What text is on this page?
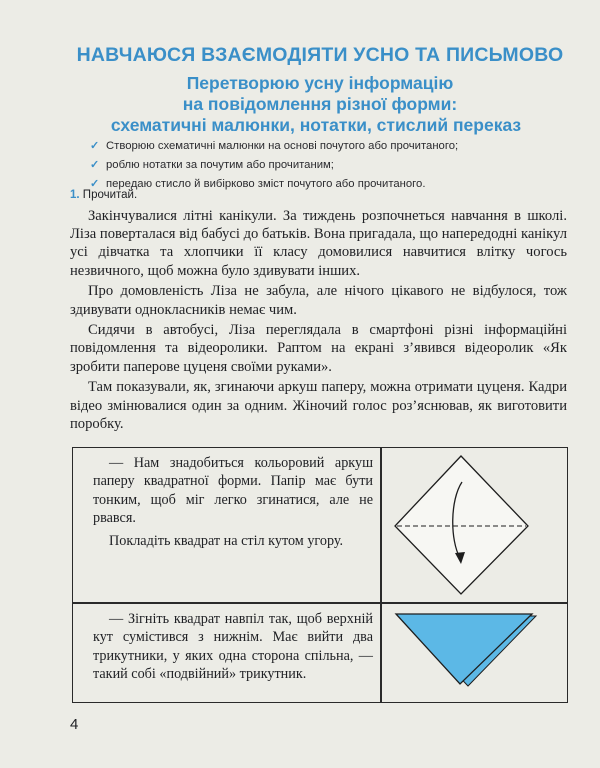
НАВЧАЮСЯ ВЗАЄМОДІЯТИ УСНО ТА ПИСЬМОВО
Перетворюю усну інформацію
на повідомлення різної форми:
схематичні малюнки, нотатки, стислий переказ
✓ Створюю схематичні малюнки на основі почутого або прочитаного;
✓ роблю нотатки за почутим або прочитаним;
✓ передаю стисло й вибірково зміст почутого або прочитаного.
1. Прочитай.

Закінчувалися літні канікули. За тиждень розпочнеться навчання в школі. Ліза поверталася від бабусі до батьків. Вона пригадала, що напередодні канікул усі дівчатка та хлопчики її класу домовилися навчитися влітку чогось незвичного, щоб можна було здивувати інших.

Про домовленість Ліза не забула, але нічого цікавого не відбулося, тож здивувати однокласників немає чим.

Сидячи в автобусі, Ліза переглядала в смартфоні різні інформаційні повідомлення та відеоролики. Раптом на екрані з’явився відеоролик «Як зробити паперове цуценя своїми руками».

Там показували, як, згинаючи аркуш паперу, можна отримати цуценя. Кадри відео змінювалися один за одним. Жіночий голос роз’яснював, як виготовити поробку.

— Нам знадобиться кольоровий аркуш паперу квадратної форми. Папір має бути тонким, щоб міг легко згинатися, але не рвався.

Покладіть квадрат на стіл кутом угору.

— Зігніть квадрат навпіл так, щоб верхній кут сумістився з нижнім. Має вийти два трикутники, у яких одна сторона спільна, — такий собі «подвійний» трикутник.

4
